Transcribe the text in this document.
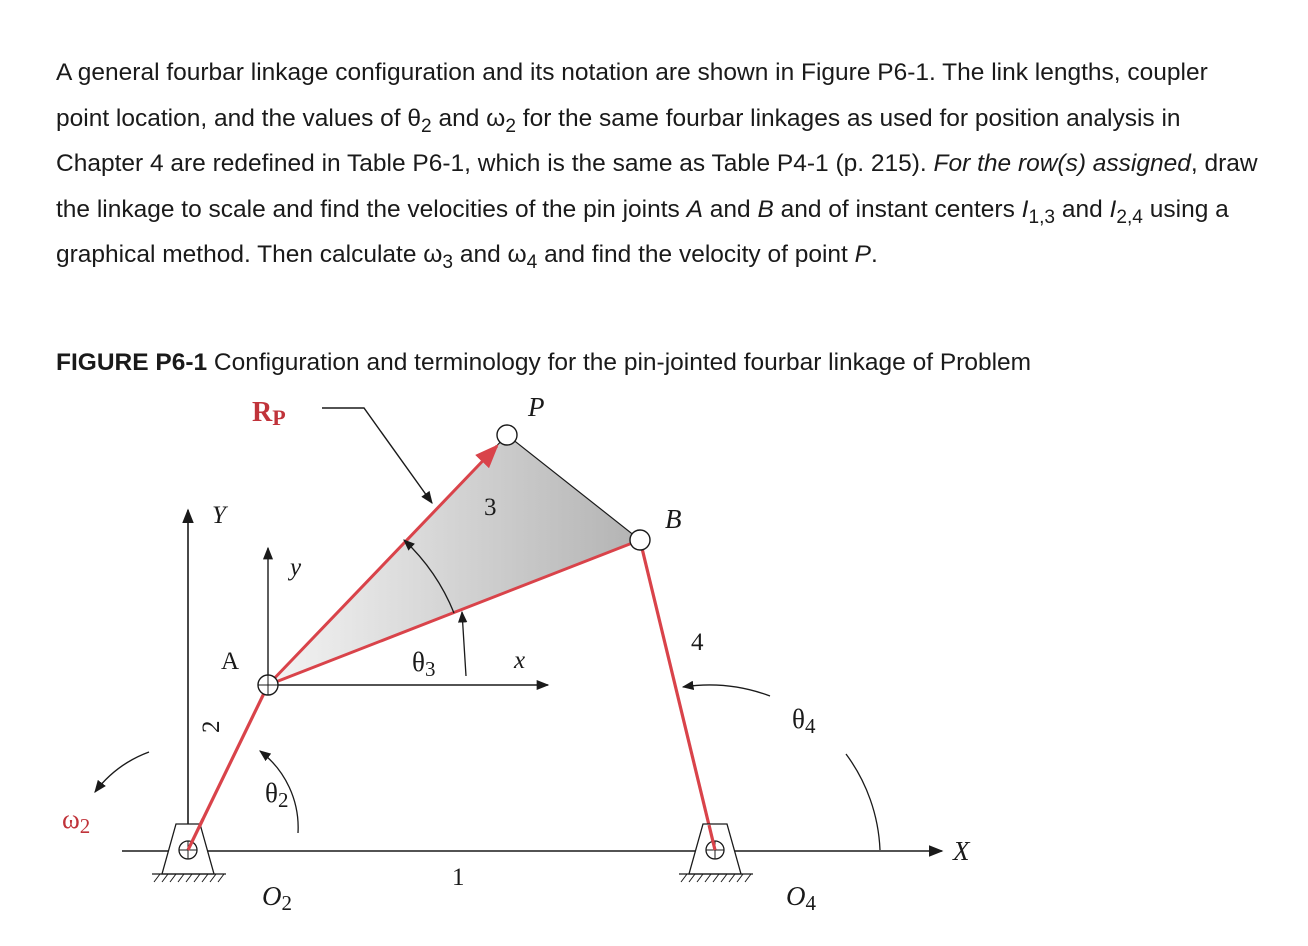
A general fourbar linkage configuration and its notation are shown in Figure P6-1. The link lengths, coupler point location, and the values of $\theta_2$ and $\omega_2$ for the same fourbar linkages as used for position analysis in Chapter 4 are redefined in Table P6-1, which is the same as Table P4-1 (p. 215). For the row(s) assigned, draw the linkage to scale and find the velocities of the pin joints A and B and of instant centers $I_{1,3}$ and $I_{2,4}$ using a graphical method. Then calculate $\omega_3$ and $\omega_4$ and find the velocity of point P.
FIGURE P6-1 Configuration and terminology for the pin-jointed fourbar linkage of Problem
RP	P
Y
y
x
X
A
B
3
4
2
1
θ3
θ2
θ4
ω2
O2	O4
